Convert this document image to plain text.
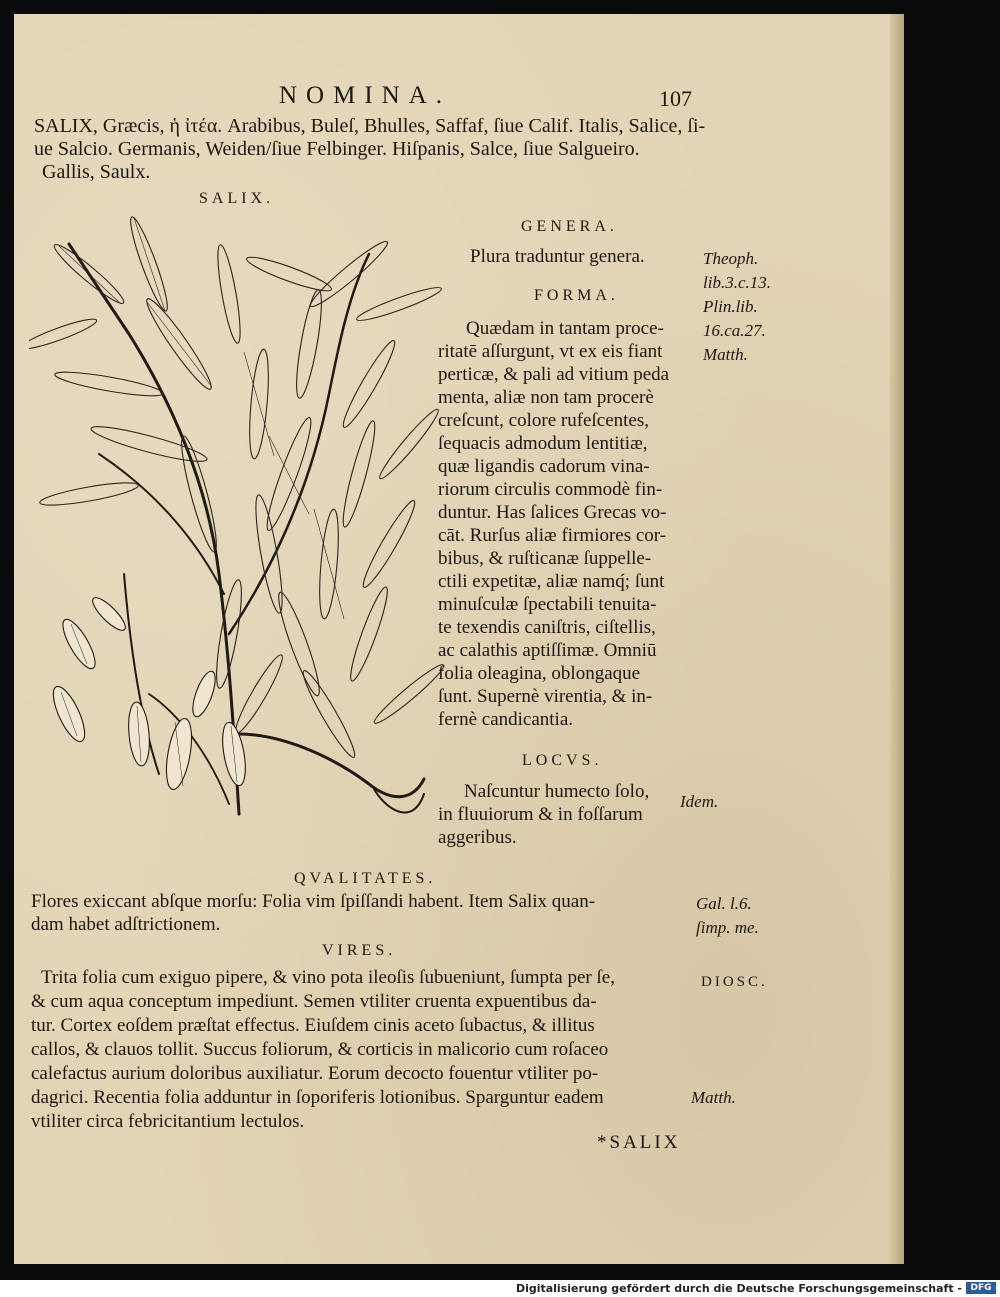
NOMINA.	107
SALIX, Græcis, ἡ ἰτέα. Arabibus, Buleſ, Bhulles, Saffaf, ſiue Calif. Italis, Salice, ſi-
ue Salcio. Germanis, Weiden/ſiue Felbinger. Hiſpanis, Salce, ſiue Salgueiro.
Gallis, Saulx.
SALIX.
GENERA.
Plura traduntur genera.
FORMA.
Quædam in tantam proce-
ritatē aſſurgunt, vt ex eis fiant
perticæ, & pali ad vitium peda
menta, aliæ non tam procerè
creſcunt, colore rufeſcentes,
ſequacis admodum lentitiæ,
quæ ligandis cadorum vina-
riorum circulis commodè fin-
duntur. Has ſalices Grecas vo-
cāt. Rurſus aliæ firmiores cor-
bibus, & ruſticanæ ſuppelle-
ctili expetitæ, aliæ namq́; ſunt
minuſculæ ſpectabili tenuita-
te texendis caniſtris, ciſtellis,
ac calathis aptiſſimæ. Omniū
folia oleagina, oblongaque
ſunt. Supernè virentia, & in-
fernè candicantia.
LOCVS.
Naſcuntur humecto ſolo,
in fluuiorum & in foſſarum
aggeribus.
QVALITATES.
Flores exiccant abſque morſu: Folia vim ſpiſſandi habent. Item Salix quan-
dam habet adſtrictionem.
VIRES.
Trita folia cum exiguo pipere, & vino pota ileoſis ſubueniunt, ſumpta per ſe,
& cum aqua conceptum impediunt. Semen vtiliter cruenta expuentibus da-
tur. Cortex eoſdem præſtat effectus. Eiuſdem cinis aceto ſubactus, & illitus
callos, & clauos tollit. Succus foliorum, & corticis in malicorio cum roſaceo
calefactus aurium doloribus auxiliatur. Eorum decocto fouentur vtiliter po-
dagrici. Recentia folia adduntur in ſoporiferis lotionibus. Sparguntur eadem
vtiliter circa febricitantium lectulos.
*SALIX
Theoph.
lib.3.c.13.
Plin.lib.
16.ca.27.
Matth.
Idem.
Gal. l.6.
ſimp. me.
DIOSC.
Matth.
Digitalisierung gefördert durch die Deutsche Forschungsgemeinschaft - DFG
